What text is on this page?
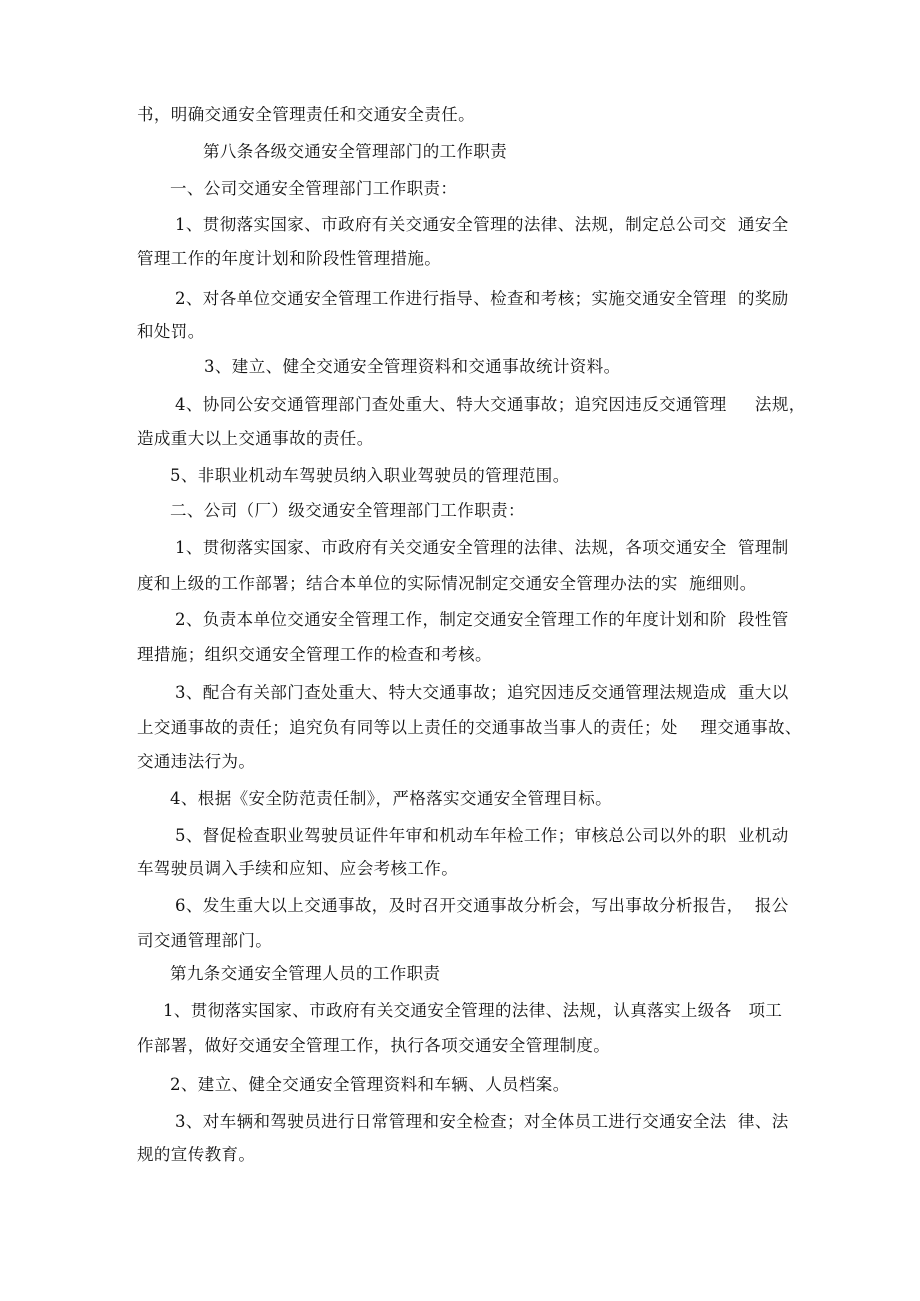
书，明确交通安全管理责任和交通安全责任。

第八条各级交通安全管理部门的工作职责

一、公司交通安全管理部门工作职责：

1、贯彻落实国家、市政府有关交通安全管理的法律、法规，制定总公司交  通安全

管理工作的年度计划和阶段性管理措施。

2、对各单位交通安全管理工作进行指导、检查和考核；实施交通安全管理  的奖励

和处罚。

3、建立、健全交通安全管理资料和交通事故统计资料。

4、协同公安交通管理部门查处重大、特大交通事故；追究因违反交通管理     法规，

造成重大以上交通事故的责任。

5、非职业机动车驾驶员纳入职业驾驶员的管理范围。

二、公司（厂）级交通安全管理部门工作职责：

1、贯彻落实国家、市政府有关交通安全管理的法律、法规，各项交通安全  管理制

度和上级的工作部署；结合本单位的实际情况制定交通安全管理办法的实  施细则。

2、负责本单位交通安全管理工作，制定交通安全管理工作的年度计划和阶  段性管

理措施；组织交通安全管理工作的检查和考核。

3、配合有关部门查处重大、特大交通事故；追究因违反交通管理法规造成  重大以

上交通事故的责任；追究负有同等以上责任的交通事故当事人的责任；处    理交通事故、

交通违法行为。

4、根据《安全防范责任制》，严格落实交通安全管理目标。

5、督促检查职业驾驶员证件年审和机动车年检工作；审核总公司以外的职  业机动

车驾驶员调入手续和应知、应会考核工作。

6、发生重大以上交通事故，及时召开交通事故分析会，写出事故分析报告，  报公

司交通管理部门。

第九条交通安全管理人员的工作职责

1、贯彻落实国家、市政府有关交通安全管理的法律、法规，认真落实上级各   项工

作部署，做好交通安全管理工作，执行各项交通安全管理制度。

2、建立、健全交通安全管理资料和车辆、人员档案。

3、对车辆和驾驶员进行日常管理和安全检查；对全体员工进行交通安全法  律、法

规的宣传教育。
